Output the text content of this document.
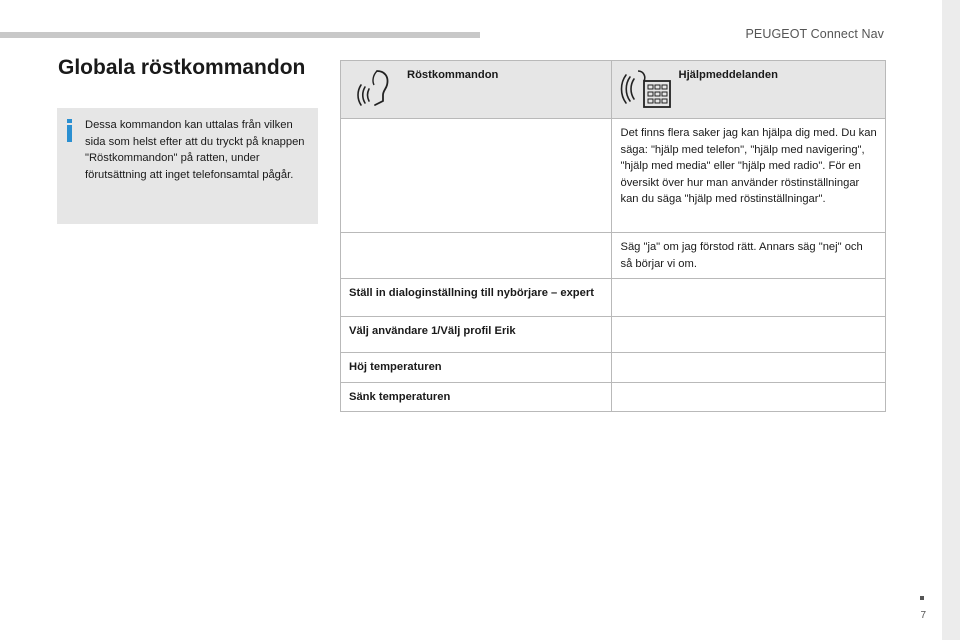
PEUGEOT Connect Nav
7
Globala röstkommandon

Dessa kommandon kan uttalas från vilken sida som helst efter att du tryckt på knappen "Röstkommandon" på ratten, under förutsättning att inget telefonsamtal pågår.

Röstkommandon	Hjälpmeddelanden

	Det finns flera saker jag kan hjälpa dig med. Du kan säga: "hjälp med telefon", "hjälp med navigering", "hjälp med media" eller "hjälp med radio". För en översikt över hur man använder röstinställningar kan du säga "hjälp med röstinställningar".
	Säg "ja" om jag förstod rätt. Annars säg "nej" och så börjar vi om.
Ställ in dialoginställning till nybörjare – expert	
Välj användare 1/Välj profil Erik	
Höj temperaturen	
Sänk temperaturen	
